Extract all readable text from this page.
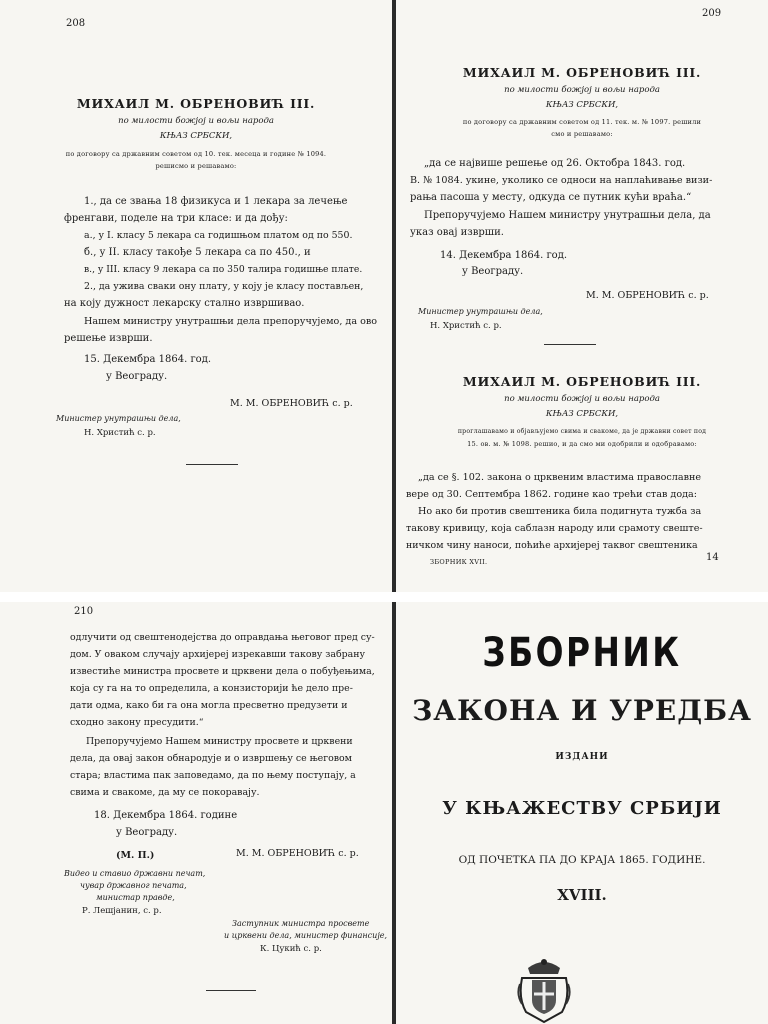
208
МИХАИЛ М. ОБРЕНОВИЋ III.
по милости божјој и вољи народа
КЊАЗ СРБСКИ,
по договору са државним советом од 10. тек. месеца и године № 1094.
решисмо и решавамо:
1., да се звања 18 физикуса и 1 лекара за лечење
френгави, поделе на три класе: и да дођу:
а., у I. класу 5 лекара са годишњом платом од по 550.
б., у II. класу такође 5 лекара са по 450., и
в., у III. класу 9 лекара са по 350 талира годишње плате.
2., да ужива сваки ону плату, у коју је класу постављен,
на коју дужност лекарску стално извршивао.
Нашем министру унутрашњи дела препоручујемо, да ово
решење изврши.
15. Декембра 1864. год.
у Веограду.
М. М. ОБРЕНОВИЋ с. р.
Министер унутрашњи дела,
Н. Христић с. р.
209
МИХАИЛ М. ОБРЕНОВИЋ III.
по милости божјој и вољи народа
КЊАЗ СРБСКИ,
по договору са државним советом од 11. тек. м. № 1097. решили
смо и решавамо:
„да се највише решење од 26. Октобра 1843. год.
В. № 1084. укине, уколико се односи на наплаћивање визи-
рања пасоша у месту, одкуда се путник кући враћа.“
Препоручујемо Нашем министру унутрашњи дела, да
указ овај изврши.
14. Декембра 1864. год.
у Веограду.
М. М. ОБРЕНОВИЋ с. р.
Министер унутрашњи дела,
Н. Христић с. р.
МИХАИЛ М. ОБРЕНОВИЋ III.
по милости божјој и вољи народа
КЊАЗ СРБСКИ,
проглашавамо и објављујемо свима и свакоме, да је државни совет под
15. ов. м. № 1098. решио, и да смо ми одобрили и одобравамо:
„да се §. 102. закона о црквеним властима православне
вере од 30. Септембра 1862. године као трећи став дода:
Но ако би против свештеника била подигнута тужба за
такову кривицу, која саблазн народу или срамоту свеште-
ничком чину наноси, поћиће архијереј таквог свештеника
ЗБОРНИК XVII.	14
210
одлучити од свештенодејства до оправдања његовог пред су-
дом. У оваком случају архијереј изрекавши такову забрану
известиће министра просвете и црквени дела о побуђењима,
која су га на то определила, а конзисторији ће дело пре-
дати одма, како би га она могла пресветно предузети и
сходно закону пресудити.“
Препоручујемо Нашем министру просвете и црквени
дела, да овај закон обнародује и о извршењу се његовом
стара; властима пак заповедамо, да по њему поступају, а
свима и свакоме, да му се покоравају.
18. Декембра 1864. године
у Веограду.
(М. П.)	М. М. ОБРЕНОВИЋ с. р.
Видео и ставио државни печат,
чувар државног печата,
министар правде,
Р. Лешјанин, с. р.
Заступник министра просвете
и црквени дела, министер финансије,
К. Цукић с. р.
ЗБОРНИК
ЗАКОНА И УРЕДБА
ИЗДАНИ
У КЊАЖЕСТВУ СРБИЈИ
ОД ПОЧЕТКА ПА ДО КРАЈА 1865. ГОДИНЕ.
XVIII.
